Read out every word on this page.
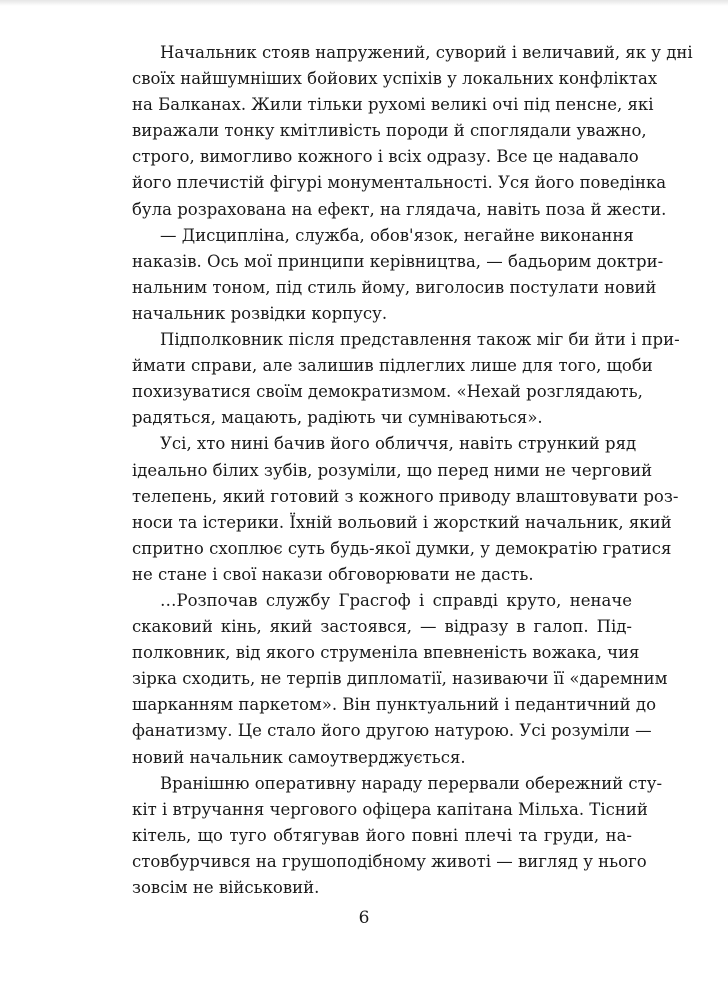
Начальник стояв напружений, суворий і величавий, як у дні
своїх найшумніших бойових успіхів у локальних конфліктах
на Балканах. Жили тільки рухомі великі очі під пенсне, які
виражали тонку кмітливість породи й споглядали уважно,
строго, вимогливо кожного і всіх одразу. Все це надавало
його плечистій фігурі монументальності. Уся його поведінка
була розрахована на ефект, на глядача, навіть поза й жести.

— Дисципліна, служба, обов'язок, негайне виконання
наказів. Ось мої принципи керівництва, — бадьорим доктри-
нальним тоном, під стиль йому, виголосив постулати новий
начальник розвідки корпусу.

Підполковник після представлення також міг би йти і при-
ймати справи, але залишив підлеглих лише для того, щоби
похизуватися своїм демократизмом. «Нехай розглядають,
радяться, мацають, радіють чи сумніваються».

Усі, хто нині бачив його обличчя, навіть стрункий ряд
ідеально білих зубів, розуміли, що перед ними не черговий
телепень, який готовий з кожного приводу влаштовувати роз-
носи та істерики. Їхній вольовий і жорсткий начальник, який
спритно схоплює суть будь-якої думки, у демократію гратися
не стане і свої накази обговорювати не дасть.

…Розпочав службу Грасгоф і справді круто, неначе
скаковий кінь, який застоявся, — відразу в галоп. Під-
полковник, від якого струменіла впевненість вожака, чия
зірка сходить, не терпів дипломатії, називаючи її «даремним
шарканням паркетом». Він пунктуальний і педантичний до
фанатизму. Це стало його другою натурою. Усі розуміли —
новий начальник самоутверджується.

Вранішню оперативну нараду перервали обережний сту-
кіт і втручання чергового офіцера капітана Мільха. Тісний
кітель, що туго обтягував його повні плечі та груди, на-
стовбурчився на грушоподібному животі — вигляд у нього
зовсім не військовий.

6
